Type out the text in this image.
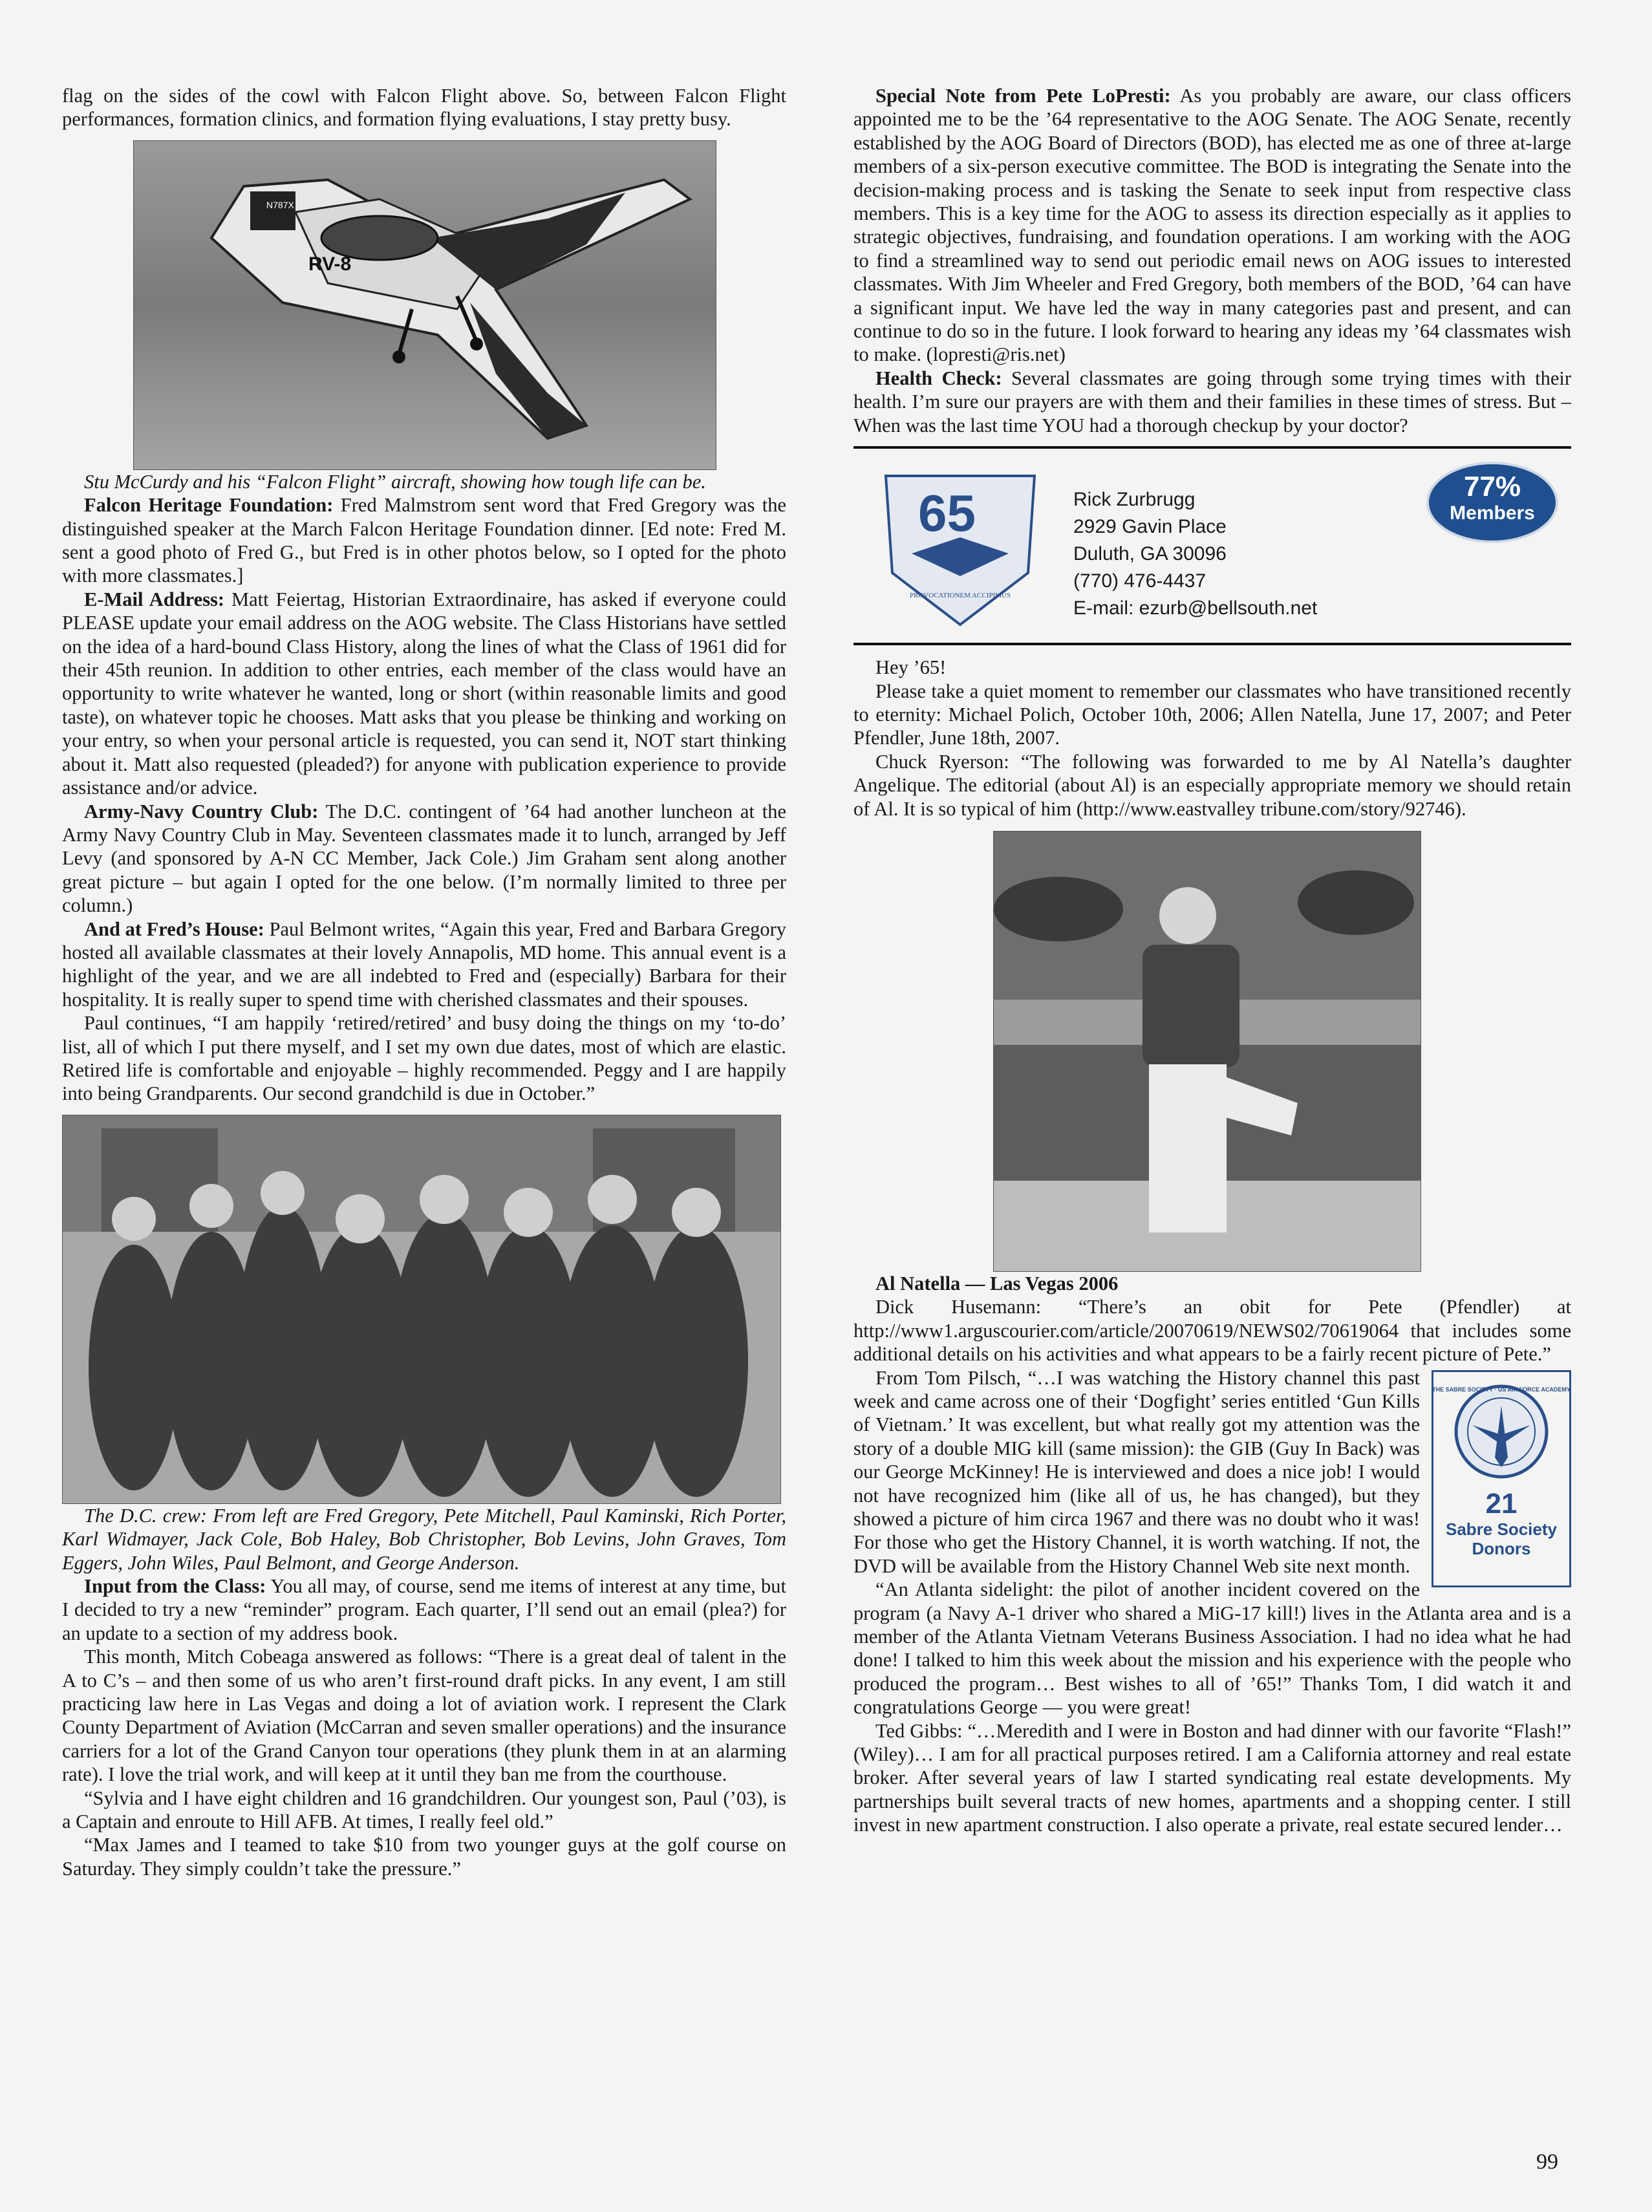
flag on the sides of the cowl with Falcon Flight above. So, between Falcon Flight performances, formation clinics, and formation flying evaluations, I stay pretty busy.

N787X
RV-8

Stu McCurdy and his “Falcon Flight” aircraft, showing how tough life can be.

Falcon Heritage Foundation: Fred Malmstrom sent word that Fred Gregory was the distinguished speaker at the March Falcon Heritage Foundation dinner. [Ed note: Fred M. sent a good photo of Fred G., but Fred is in other photos below, so I opted for the photo with more classmates.]

E-Mail Address: Matt Feiertag, Historian Extraordinaire, has asked if everyone could PLEASE update your email address on the AOG website. The Class Historians have settled on the idea of a hard-bound Class History, along the lines of what the Class of 1961 did for their 45th reunion. In addition to other entries, each member of the class would have an opportunity to write whatever he wanted, long or short (within reasonable limits and good taste), on whatever topic he chooses. Matt asks that you please be thinking and working on your entry, so when your personal article is requested, you can send it, NOT start thinking about it. Matt also requested (pleaded?) for anyone with publication experience to provide assistance and/or advice.

Army-Navy Country Club: The D.C. contingent of ’64 had another luncheon at the Army Navy Country Club in May. Seventeen classmates made it to lunch, arranged by Jeff Levy (and sponsored by A-N CC Member, Jack Cole.) Jim Graham sent along another great picture – but again I opted for the one below. (I’m normally limited to three per column.)

And at Fred’s House: Paul Belmont writes, “Again this year, Fred and Barbara Gregory hosted all available classmates at their lovely Annapolis, MD home. This annual event is a highlight of the year, and we are all indebted to Fred and (especially) Barbara for their hospitality. It is really super to spend time with cherished classmates and their spouses.

Paul continues, “I am happily ‘retired/retired’ and busy doing the things on my ‘to-do’ list, all of which I put there myself, and I set my own due dates, most of which are elastic. Retired life is comfortable and enjoyable – highly recommended. Peggy and I are happily into being Grandparents. Our second grandchild is due in October.”

The D.C. crew: From left are Fred Gregory, Pete Mitchell, Paul Kaminski, Rich Porter, Karl Widmayer, Jack Cole, Bob Haley, Bob Christopher, Bob Levins, John Graves, Tom Eggers, John Wiles, Paul Belmont, and George Anderson.

Input from the Class: You all may, of course, send me items of interest at any time, but I decided to try a new “reminder” program. Each quarter, I’ll send out an email (plea?) for an update to a section of my address book.

This month, Mitch Cobeaga answered as follows: “There is a great deal of talent in the A to C’s – and then some of us who aren’t first-round draft picks. In any event, I am still practicing law here in Las Vegas and doing a lot of aviation work. I represent the Clark County Department of Aviation (McCarran and seven smaller operations) and the insurance carriers for a lot of the Grand Canyon tour operations (they plunk them in at an alarming rate). I love the trial work, and will keep at it until they ban me from the courthouse.

“Sylvia and I have eight children and 16 grandchildren. Our youngest son, Paul (’03), is a Captain and enroute to Hill AFB. At times, I really feel old.”

“Max James and I teamed to take $10 from two younger guys at the golf course on Saturday. They simply couldn’t take the pressure.”

Special Note from Pete LoPresti: As you probably are aware, our class officers appointed me to be the ’64 representative to the AOG Senate. The AOG Senate, recently established by the AOG Board of Directors (BOD), has elected me as one of three at-large members of a six-person executive committee. The BOD is integrating the Senate into the decision-making process and is tasking the Senate to seek input from respective class members. This is a key time for the AOG to assess its direction especially as it applies to strategic objectives, fundraising, and foundation operations. I am working with the AOG to find a streamlined way to send out periodic email news on AOG issues to interested classmates. With Jim Wheeler and Fred Gregory, both members of the BOD, ’64 can have a significant input. We have led the way in many categories past and present, and can continue to do so in the future. I look forward to hearing any ideas my ’64 classmates wish to make. (lopresti@ris.net)

Health Check: Several classmates are going through some trying times with their health. I’m sure our prayers are with them and their families in these times of stress. But – When was the last time YOU had a thorough checkup by your doctor?

65
PROVOCATIONEM ACCIPIMUS
Rick Zurbrugg
2929 Gavin Place
Duluth, GA 30096
(770) 476-4437
E-mail: ezurb@bellsouth.net
77%
Members

Hey ’65!

Please take a quiet moment to remember our classmates who have transitioned recently to eternity: Michael Polich, October 10th, 2006; Allen Natella, June 17, 2007; and Peter Pfendler, June 18th, 2007.

Chuck Ryerson: “The following was forwarded to me by Al Natella’s daughter Angelique. The editorial (about Al) is an especially appropriate memory we should retain of Al. It is so typical of him (http://www.eastvalley tribune.com/story/92746).

Al Natella — Las Vegas 2006

Dick Husemann: “There’s an obit for Pete (Pfendler) at http://www1.arguscourier.com/article/20070619/NEWS02/70619064 that includes some additional details on his activities and what appears to be a fairly recent picture of Pete.”

THE SABRE SOCIETY · US AIR FORCE ACADEMY
21
Sabre Society
Donors

From Tom Pilsch, “…I was watching the History channel this past week and came across one of their ‘Dogfight’ series entitled ‘Gun Kills of Vietnam.’ It was excellent, but what really got my attention was the story of a double MIG kill (same mission): the GIB (Guy In Back) was our George McKinney! He is interviewed and does a nice job! I would not have recognized him (like all of us, he has changed), but they showed a picture of him circa 1967 and there was no doubt who it was! For those who get the History Channel, it is worth watching. If not, the DVD will be available from the History Channel Web site next month.

“An Atlanta sidelight: the pilot of another incident covered on the program (a Navy A-1 driver who shared a MiG-17 kill!) lives in the Atlanta area and is a member of the Atlanta Vietnam Veterans Business Association. I had no idea what he had done! I talked to him this week about the mission and his experience with the people who produced the program… Best wishes to all of ’65!” Thanks Tom, I did watch it and congratulations George — you were great!

Ted Gibbs: “…Meredith and I were in Boston and had dinner with our favorite “Flash!” (Wiley)… I am for all practical purposes retired. I am a California attorney and real estate broker. After several years of law I started syndicating real estate developments. My partnerships built several tracts of new homes, apartments and a shopping center. I still invest in new apartment construction. I also operate a private, real estate secured lender…

99
